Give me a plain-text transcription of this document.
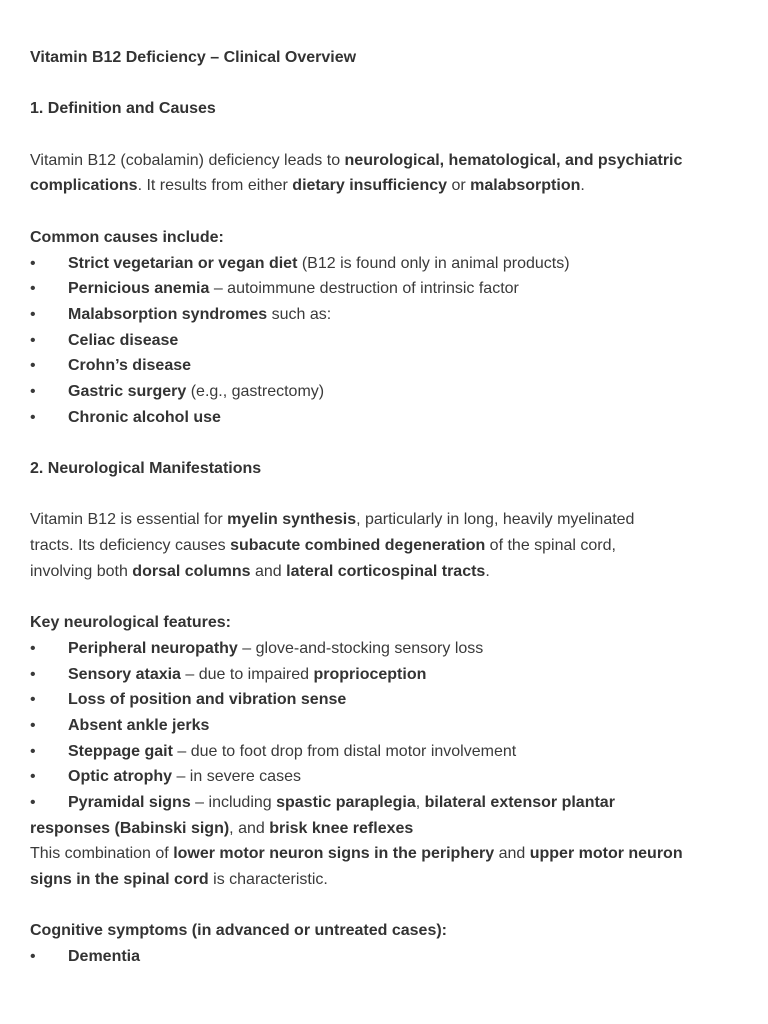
Vitamin B12 Deficiency – Clinical Overview
1. Definition and Causes
Vitamin B12 (cobalamin) deficiency leads to neurological, hematological, and psychiatric
complications. It results from either dietary insufficiency or malabsorption.
Common causes include:
• Strict vegetarian or vegan diet (B12 is found only in animal products)
• Pernicious anemia – autoimmune destruction of intrinsic factor
• Malabsorption syndromes such as:
• Celiac disease
• Crohn’s disease
• Gastric surgery (e.g., gastrectomy)
• Chronic alcohol use
2. Neurological Manifestations
Vitamin B12 is essential for myelin synthesis, particularly in long, heavily myelinated
tracts. Its deficiency causes subacute combined degeneration of the spinal cord,
involving both dorsal columns and lateral corticospinal tracts.
Key neurological features:
• Peripheral neuropathy – glove-and-stocking sensory loss
• Sensory ataxia – due to impaired proprioception
• Loss of position and vibration sense
• Absent ankle jerks
• Steppage gait – due to foot drop from distal motor involvement
• Optic atrophy – in severe cases
• Pyramidal signs – including spastic paraplegia, bilateral extensor plantar
responses (Babinski sign), and brisk knee reflexes
This combination of lower motor neuron signs in the periphery and upper motor neuron
signs in the spinal cord is characteristic.
Cognitive symptoms (in advanced or untreated cases):
• Dementia
